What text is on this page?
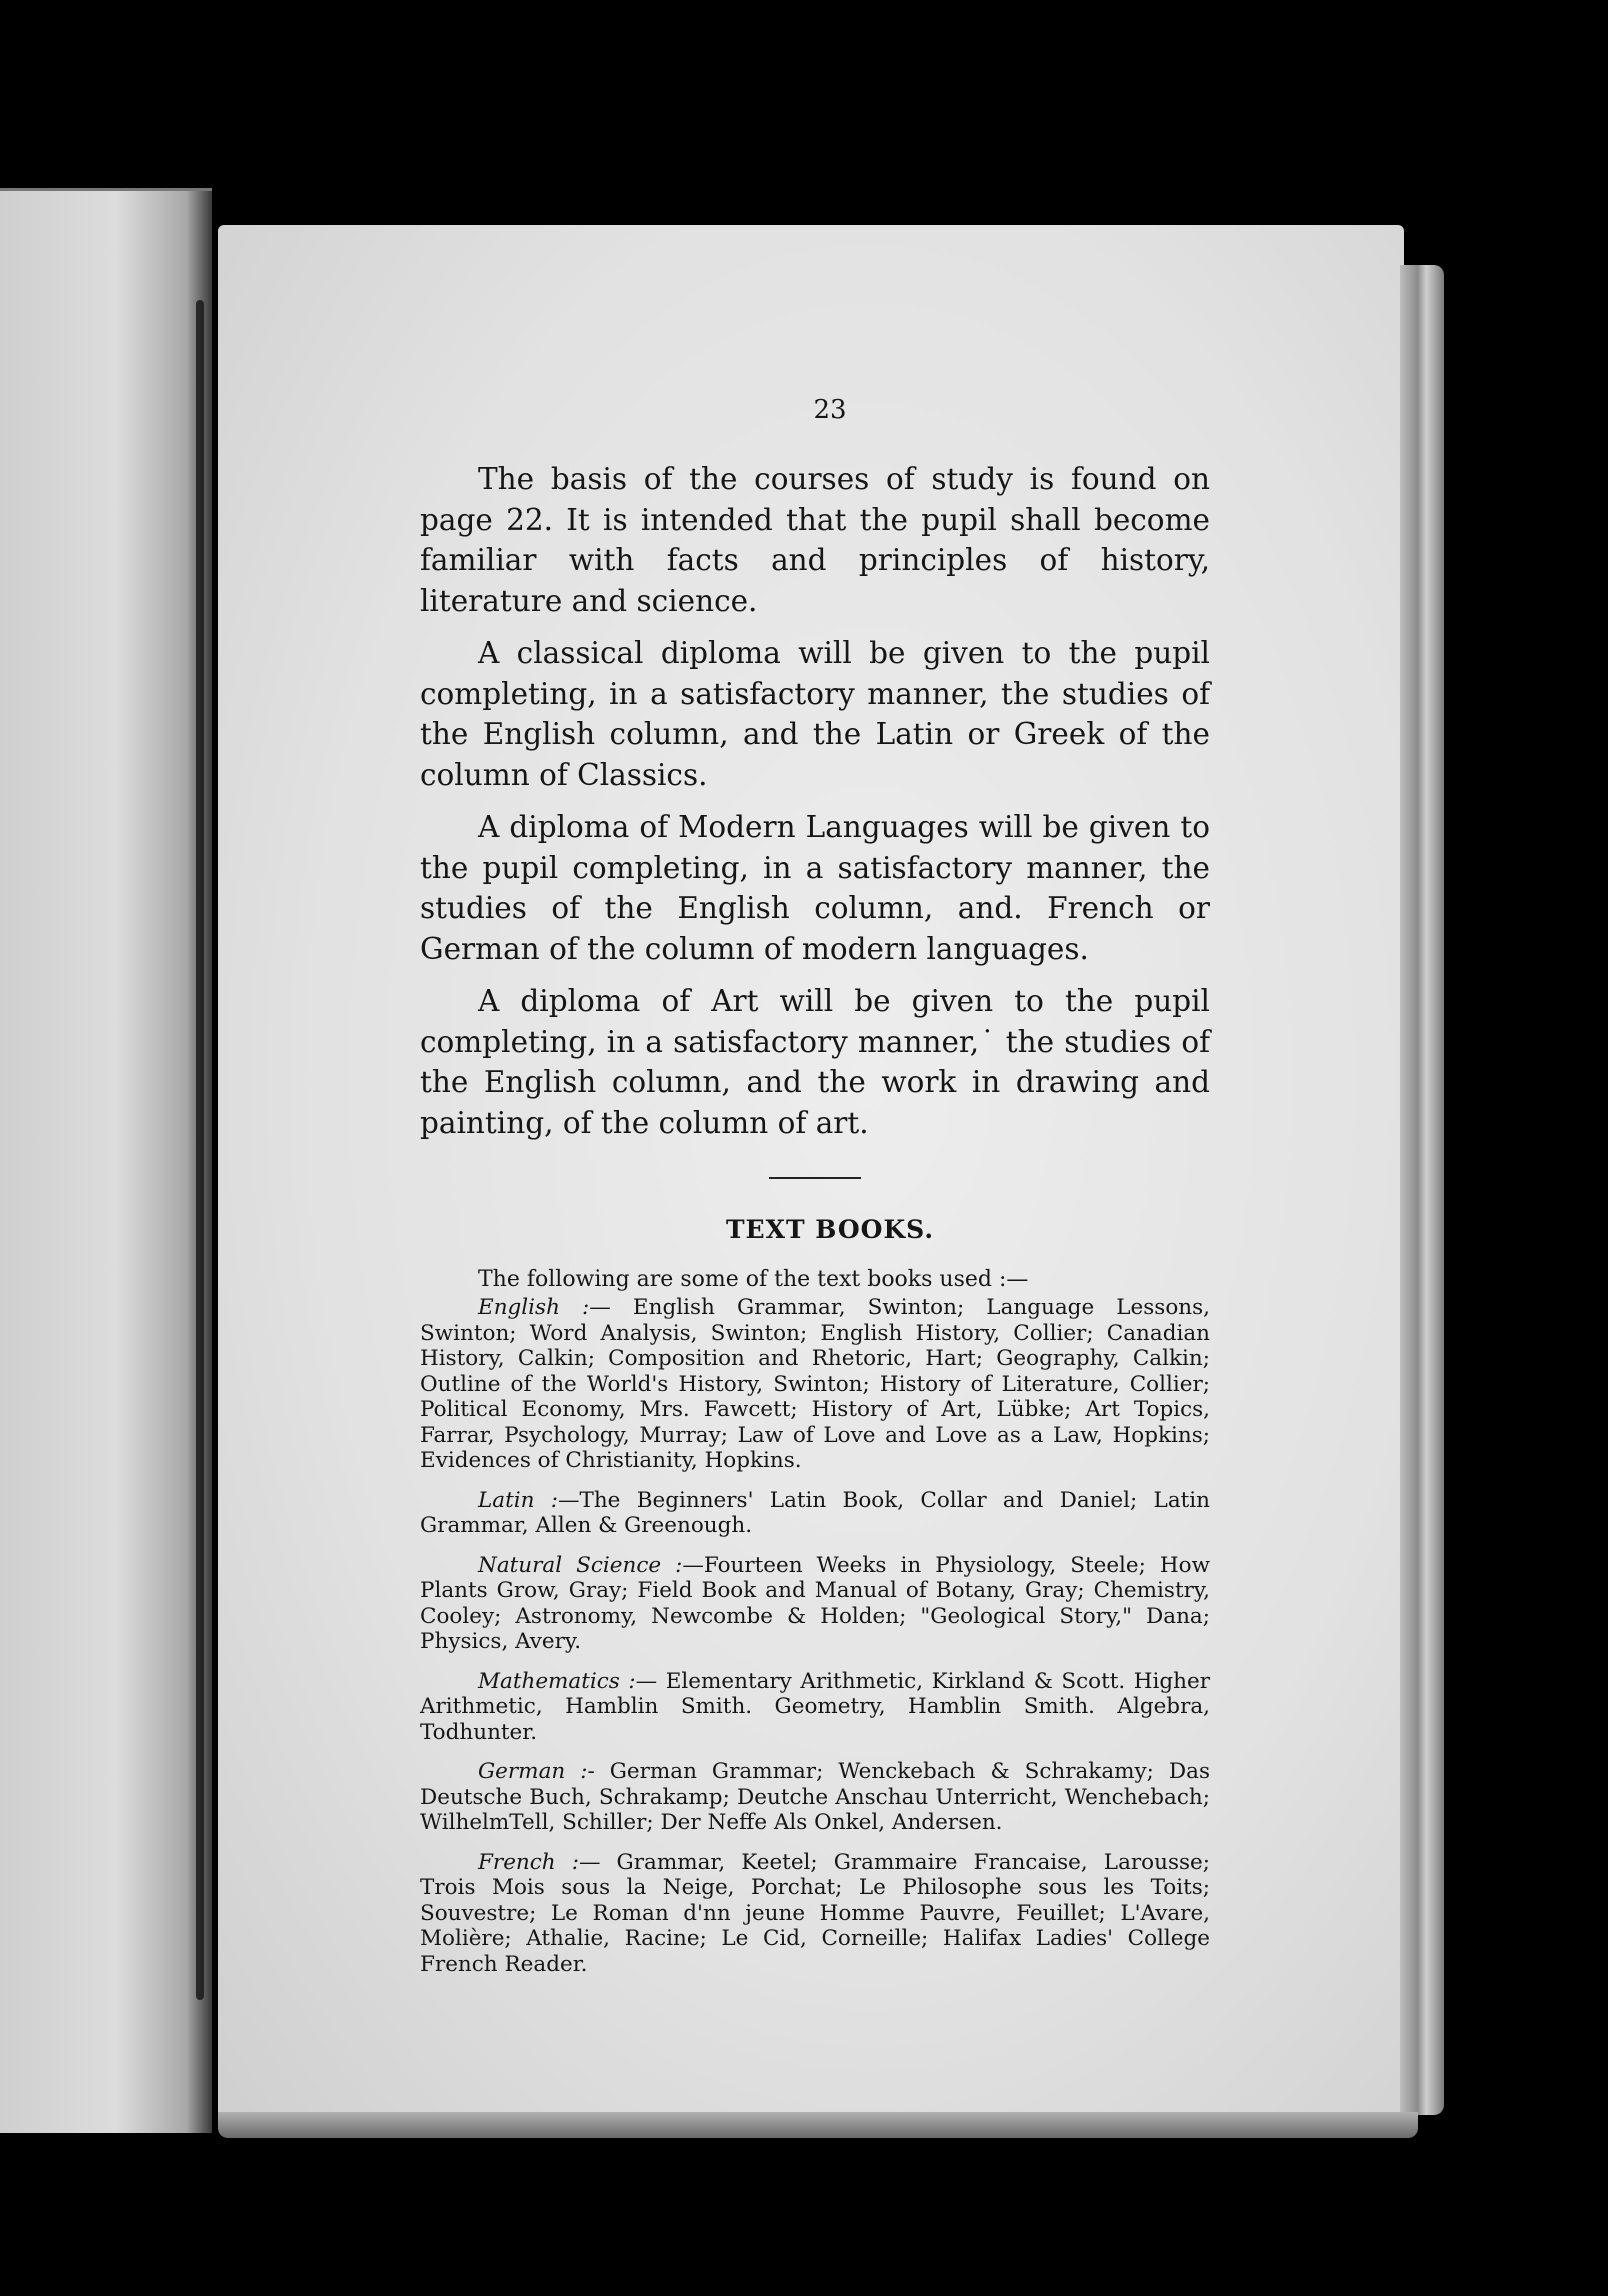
23

The basis of the courses of study is found on page 22. It is intended that the pupil shall become familiar with facts and principles of history, literature and science.

A classical diploma will be given to the pupil completing, in a satisfactory manner, the studies of the English column, and the Latin or Greek of the column of Classics.

A diploma of Modern Languages will be given to the pupil completing, in a satisfactory manner, the studies of the English column, and. French or German of the column of modern languages.

A diploma of Art will be given to the pupil completing, in a satisfactory manner,˙ the studies of the English column, and the work in drawing and painting, of the column of art.

TEXT BOOKS.

The following are some of the text books used :—

English :— English Grammar, Swinton; Language Lessons, Swinton; Word Analysis, Swinton; English History, Collier; Canadian History, Calkin; Composition and Rhetoric, Hart; Geography, Calkin; Outline of the World's History, Swinton; History of Literature, Collier; Political Economy, Mrs. Fawcett; History of Art, Lübke; Art Topics, Farrar, Psychology, Murray; Law of Love and Love as a Law, Hopkins; Evidences of Christianity, Hopkins.

Latin :—The Beginners' Latin Book, Collar and Daniel; Latin Grammar, Allen & Greenough.

Natural Science :—Fourteen Weeks in Physiology, Steele; How Plants Grow, Gray; Field Book and Manual of Botany, Gray; Chemistry, Cooley; Astronomy, Newcombe & Holden; "Geological Story," Dana; Physics, Avery.

Mathematics :— Elementary Arithmetic, Kirkland & Scott. Higher Arithmetic, Hamblin Smith. Geometry, Hamblin Smith. Algebra, Todhunter.

German :- German Grammar; Wenckebach & Schrakamy; Das Deutsche Buch, Schrakamp; Deutche Anschau Unterricht, Wenchebach; WilhelmTell, Schiller; Der Neffe Als Onkel, Andersen.

French :— Grammar, Keetel; Grammaire Francaise, Larousse; Trois Mois sous la Neige, Porchat; Le Philosophe sous les Toits; Souvestre; Le Roman d'nn jeune Homme Pauvre, Feuillet; L'Avare, Molière; Athalie, Racine; Le Cid, Corneille; Halifax Ladies' College French Reader.
